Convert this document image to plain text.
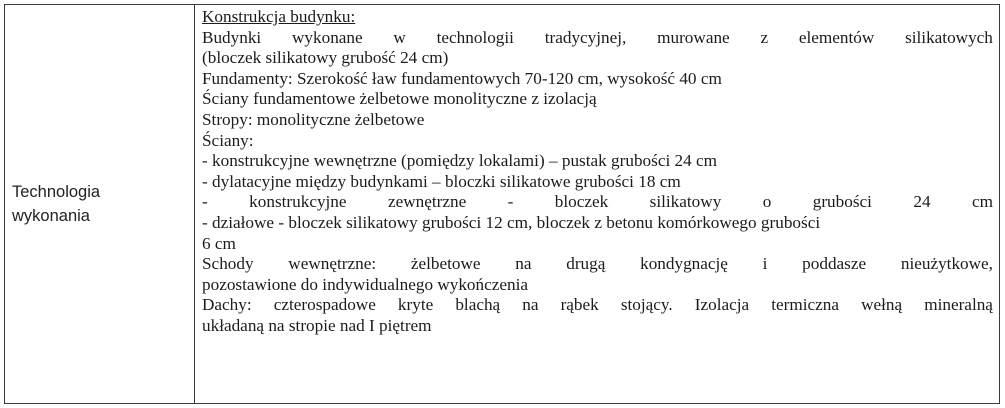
Technologia
wykonania
Konstrukcja budynku:
Budynki wykonane w technologii tradycyjnej, murowane z elementów silikatowych
(bloczek silikatowy grubość 24 cm)
Fundamenty: Szerokość ław fundamentowych 70-120 cm, wysokość 40 cm
Ściany fundamentowe żelbetowe monolityczne z izolacją
Stropy: monolityczne żelbetowe
Ściany:
- konstrukcyjne wewnętrzne (pomiędzy lokalami) – pustak grubości 24 cm
- dylatacyjne między budynkami – bloczki silikatowe grubości 18 cm
- konstrukcyjne zewnętrzne - bloczek silikatowy o grubości 24 cm
- działowe - bloczek silikatowy grubości 12 cm, bloczek z betonu komórkowego grubości
6 cm
Schody wewnętrzne: żelbetowe na drugą kondygnację i poddasze nieużytkowe,
pozostawione do indywidualnego wykończenia
Dachy: czterospadowe kryte blachą na rąbek stojący. Izolacja termiczna wełną mineralną
układaną na stropie nad I piętrem
